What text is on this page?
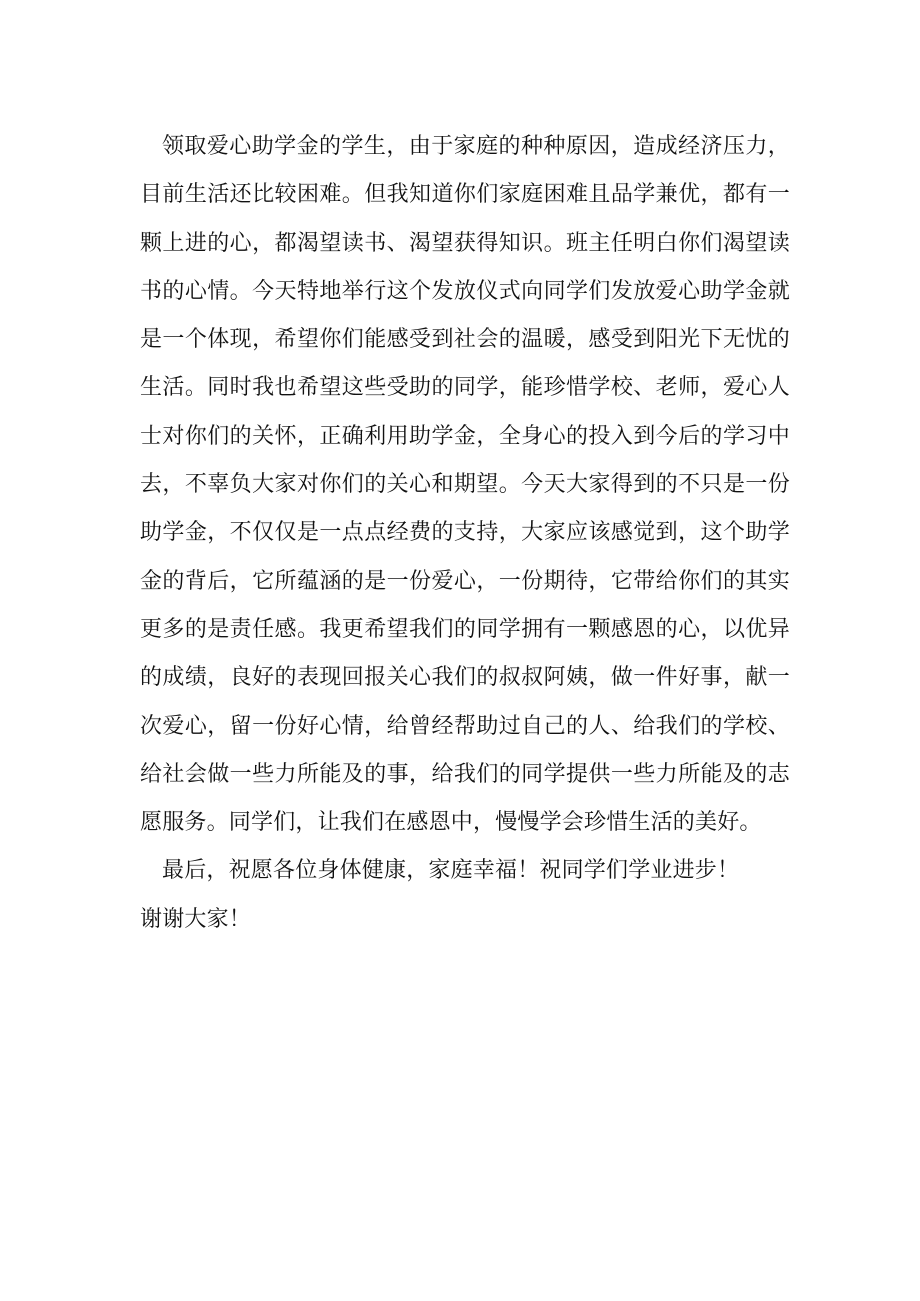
领取爱心助学金的学生，由于家庭的种种原因，造成经济压力，目前生活还比较困难。但我知道你们家庭困难且品学兼优，都有一颗上进的心，都渴望读书、渴望获得知识。班主任明白你们渴望读书的心情。今天特地举行这个发放仪式向同学们发放爱心助学金就是一个体现，希望你们能感受到社会的温暖，感受到阳光下无忧的生活。同时我也希望这些受助的同学，能珍惜学校、老师，爱心人士对你们的关怀，正确利用助学金，全身心的投入到今后的学习中去，不辜负大家对你们的关心和期望。今天大家得到的不只是一份助学金，不仅仅是一点点经费的支持，大家应该感觉到，这个助学金的背后，它所蕴涵的是一份爱心，一份期待，它带给你们的其实更多的是责任感。我更希望我们的同学拥有一颗感恩的心，以优异的成绩，良好的表现回报关心我们的叔叔阿姨，做一件好事，献一次爱心，留一份好心情，给曾经帮助过自己的人、给我们的学校、给社会做一些力所能及的事，给我们的同学提供一些力所能及的志愿服务。同学们，让我们在感恩中，慢慢学会珍惜生活的美好。

最后，祝愿各位身体健康，家庭幸福！祝同学们学业进步！

谢谢大家！
